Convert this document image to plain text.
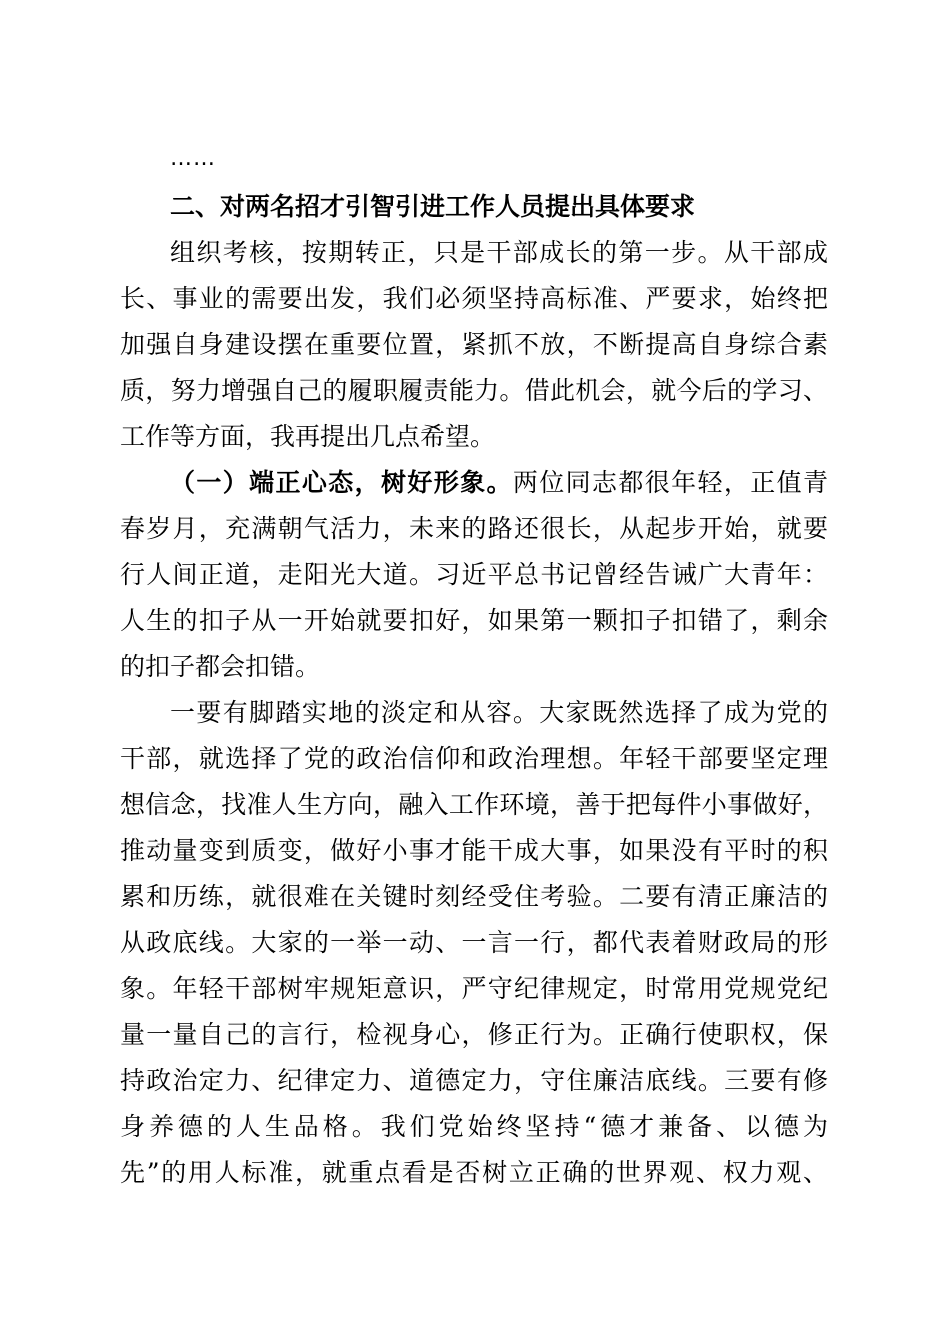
……
二、对两名招才引智引进工作人员提出具体要求
组织考核，按期转正，只是干部成长的第一步。从干部成
长、事业的需要出发，我们必须坚持高标准、严要求，始终把
加强自身建设摆在重要位置，紧抓不放，不断提高自身综合素
质，努力增强自己的履职履责能力。借此机会，就今后的学习、
工作等方面，我再提出几点希望。
（一）端正心态，树好形象。两位同志都很年轻，正值青
春岁月，充满朝气活力，未来的路还很长，从起步开始，就要
行人间正道，走阳光大道。习近平总书记曾经告诫广大青年：
人生的扣子从一开始就要扣好，如果第一颗扣子扣错了，剩余
的扣子都会扣错。
一要有脚踏实地的淡定和从容。大家既然选择了成为党的
干部，就选择了党的政治信仰和政治理想。年轻干部要坚定理
想信念，找准人生方向，融入工作环境，善于把每件小事做好，
推动量变到质变，做好小事才能干成大事，如果没有平时的积
累和历练，就很难在关键时刻经受住考验。二要有清正廉洁的
从政底线。大家的一举一动、一言一行，都代表着财政局的形
象。年轻干部树牢规矩意识，严守纪律规定，时常用党规党纪
量一量自己的言行，检视身心，修正行为。正确行使职权，保
持政治定力、纪律定力、道德定力，守住廉洁底线。三要有修
身养德的人生品格。我们党始终坚持“德才兼备、以德为
先”的用人标准，就重点看是否树立正确的世界观、权力观、
